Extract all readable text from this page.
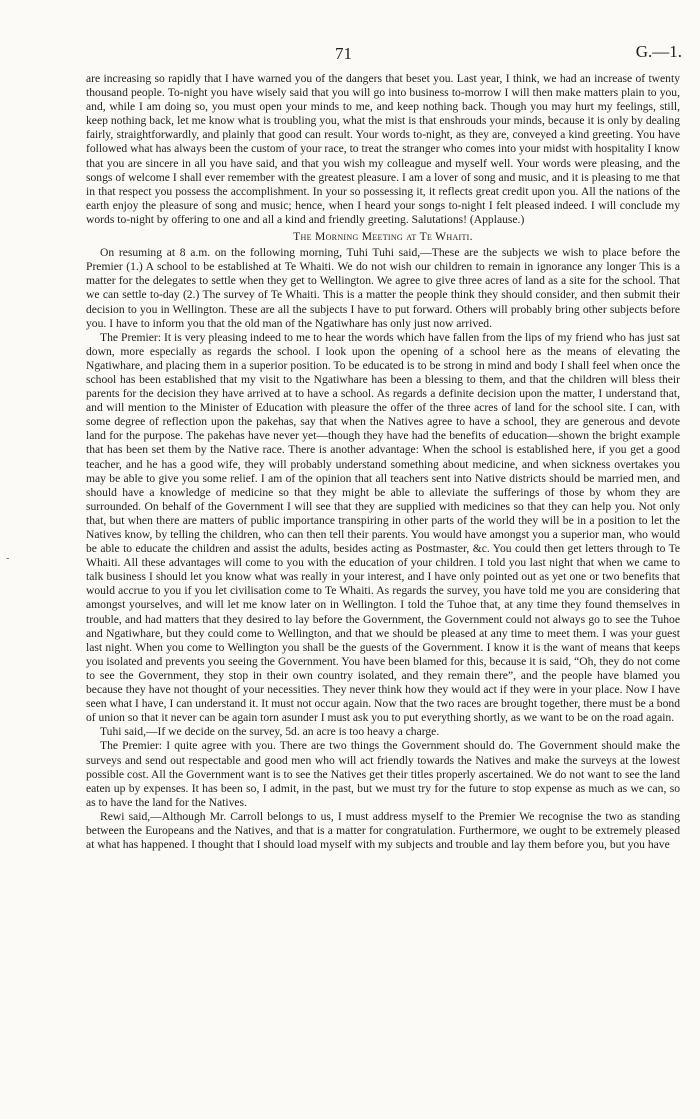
-
71	G.—1.

are increasing so rapidly that I have warned you of the dangers that beset you. Last year, I think, we had an increase of twenty thousand people. To-night you have wisely said that you will go into business to-morrow I will then make matters plain to you, and, while I am doing so, you must open your minds to me, and keep nothing back. Though you may hurt my feelings, still, keep nothing back, let me know what is troubling you, what the mist is that enshrouds your minds, because it is only by dealing fairly, straightforwardly, and plainly that good can result. Your words to-night, as they are, conveyed a kind greeting. You have followed what has always been the custom of your race, to treat the stranger who comes into your midst with hospitality I know that you are sincere in all you have said, and that you wish my colleague and myself well. Your words were pleasing, and the songs of welcome I shall ever remember with the greatest pleasure. I am a lover of song and music, and it is pleasing to me that in that respect you possess the accomplishment. In your so possessing it, it reflects great credit upon you. All the nations of the earth enjoy the pleasure of song and music; hence, when I heard your songs to-night I felt pleased indeed. I will conclude my words to-night by offering to one and all a kind and friendly greeting. Salutations! (Applause.)

The Morning Meeting at Te Whaiti.

On resuming at 8 a.m. on the following morning, Tuhi Tuhi said,—These are the subjects we wish to place before the Premier (1.) A school to be established at Te Whaiti. We do not wish our children to remain in ignorance any longer This is a matter for the delegates to settle when they get to Wellington. We agree to give three acres of land as a site for the school. That we can settle to-day (2.) The survey of Te Whaiti. This is a matter the people think they should consider, and then submit their decision to you in Wellington. These are all the subjects I have to put forward. Others will probably bring other subjects before you. I have to inform you that the old man of the Ngatiwhare has only just now arrived.

The Premier: It is very pleasing indeed to me to hear the words which have fallen from the lips of my friend who has just sat down, more especially as regards the school. I look upon the opening of a school here as the means of elevating the Ngatiwhare, and placing them in a superior position. To be educated is to be strong in mind and body I shall feel when once the school has been established that my visit to the Ngatiwhare has been a blessing to them, and that the children will bless their parents for the decision they have arrived at to have a school. As regards a definite decision upon the matter, I understand that, and will mention to the Minister of Education with pleasure the offer of the three acres of land for the school site. I can, with some degree of reflection upon the pakehas, say that when the Natives agree to have a school, they are generous and devote land for the purpose. The pakehas have never yet—though they have had the benefits of education—shown the bright example that has been set them by the Native race. There is another advantage: When the school is established here, if you get a good teacher, and he has a good wife, they will probably understand something about medicine, and when sickness overtakes you may be able to give you some relief. I am of the opinion that all teachers sent into Native districts should be married men, and should have a knowledge of medicine so that they might be able to alleviate the sufferings of those by whom they are surrounded. On behalf of the Government I will see that they are supplied with medicines so that they can help you. Not only that, but when there are matters of public importance transpiring in other parts of the world they will be in a position to let the Natives know, by telling the children, who can then tell their parents. You would have amongst you a superior man, who would be able to educate the children and assist the adults, besides acting as Postmaster, &c. You could then get letters through to Te Whaiti. All these advantages will come to you with the education of your children. I told you last night that when we came to talk business I should let you know what was really in your interest, and I have only pointed out as yet one or two benefits that would accrue to you if you let civilisation come to Te Whaiti. As regards the survey, you have told me you are considering that amongst yourselves, and will let me know later on in Wellington. I told the Tuhoe that, at any time they found themselves in trouble, and had matters that they desired to lay before the Government, the Government could not always go to see the Tuhoe and Ngatiwhare, but they could come to Wellington, and that we should be pleased at any time to meet them. I was your guest last night. When you come to Wellington you shall be the guests of the Government. I know it is the want of means that keeps you isolated and prevents you seeing the Government. You have been blamed for this, because it is said, “Oh, they do not come to see the Government, they stop in their own country isolated, and they remain there”, and the people have blamed you because they have not thought of your necessities. They never think how they would act if they were in your place. Now I have seen what I have, I can understand it. It must not occur again. Now that the two races are brought together, there must be a bond of union so that it never can be again torn asunder I must ask you to put everything shortly, as we want to be on the road again.

Tuhi said,—If we decide on the survey, 5d. an acre is too heavy a charge.

The Premier: I quite agree with you. There are two things the Government should do. The Government should make the surveys and send out respectable and good men who will act friendly towards the Natives and make the surveys at the lowest possible cost. All the Government want is to see the Natives get their titles properly ascertained. We do not want to see the land eaten up by expenses. It has been so, I admit, in the past, but we must try for the future to stop expense as much as we can, so as to have the land for the Natives.

Rewi said,—Although Mr. Carroll belongs to us, I must address myself to the Premier We recognise the two as standing between the Europeans and the Natives, and that is a matter for congratulation. Furthermore, we ought to be extremely pleased at what has happened. I thought that I should load myself with my subjects and trouble and lay them before you, but you have
